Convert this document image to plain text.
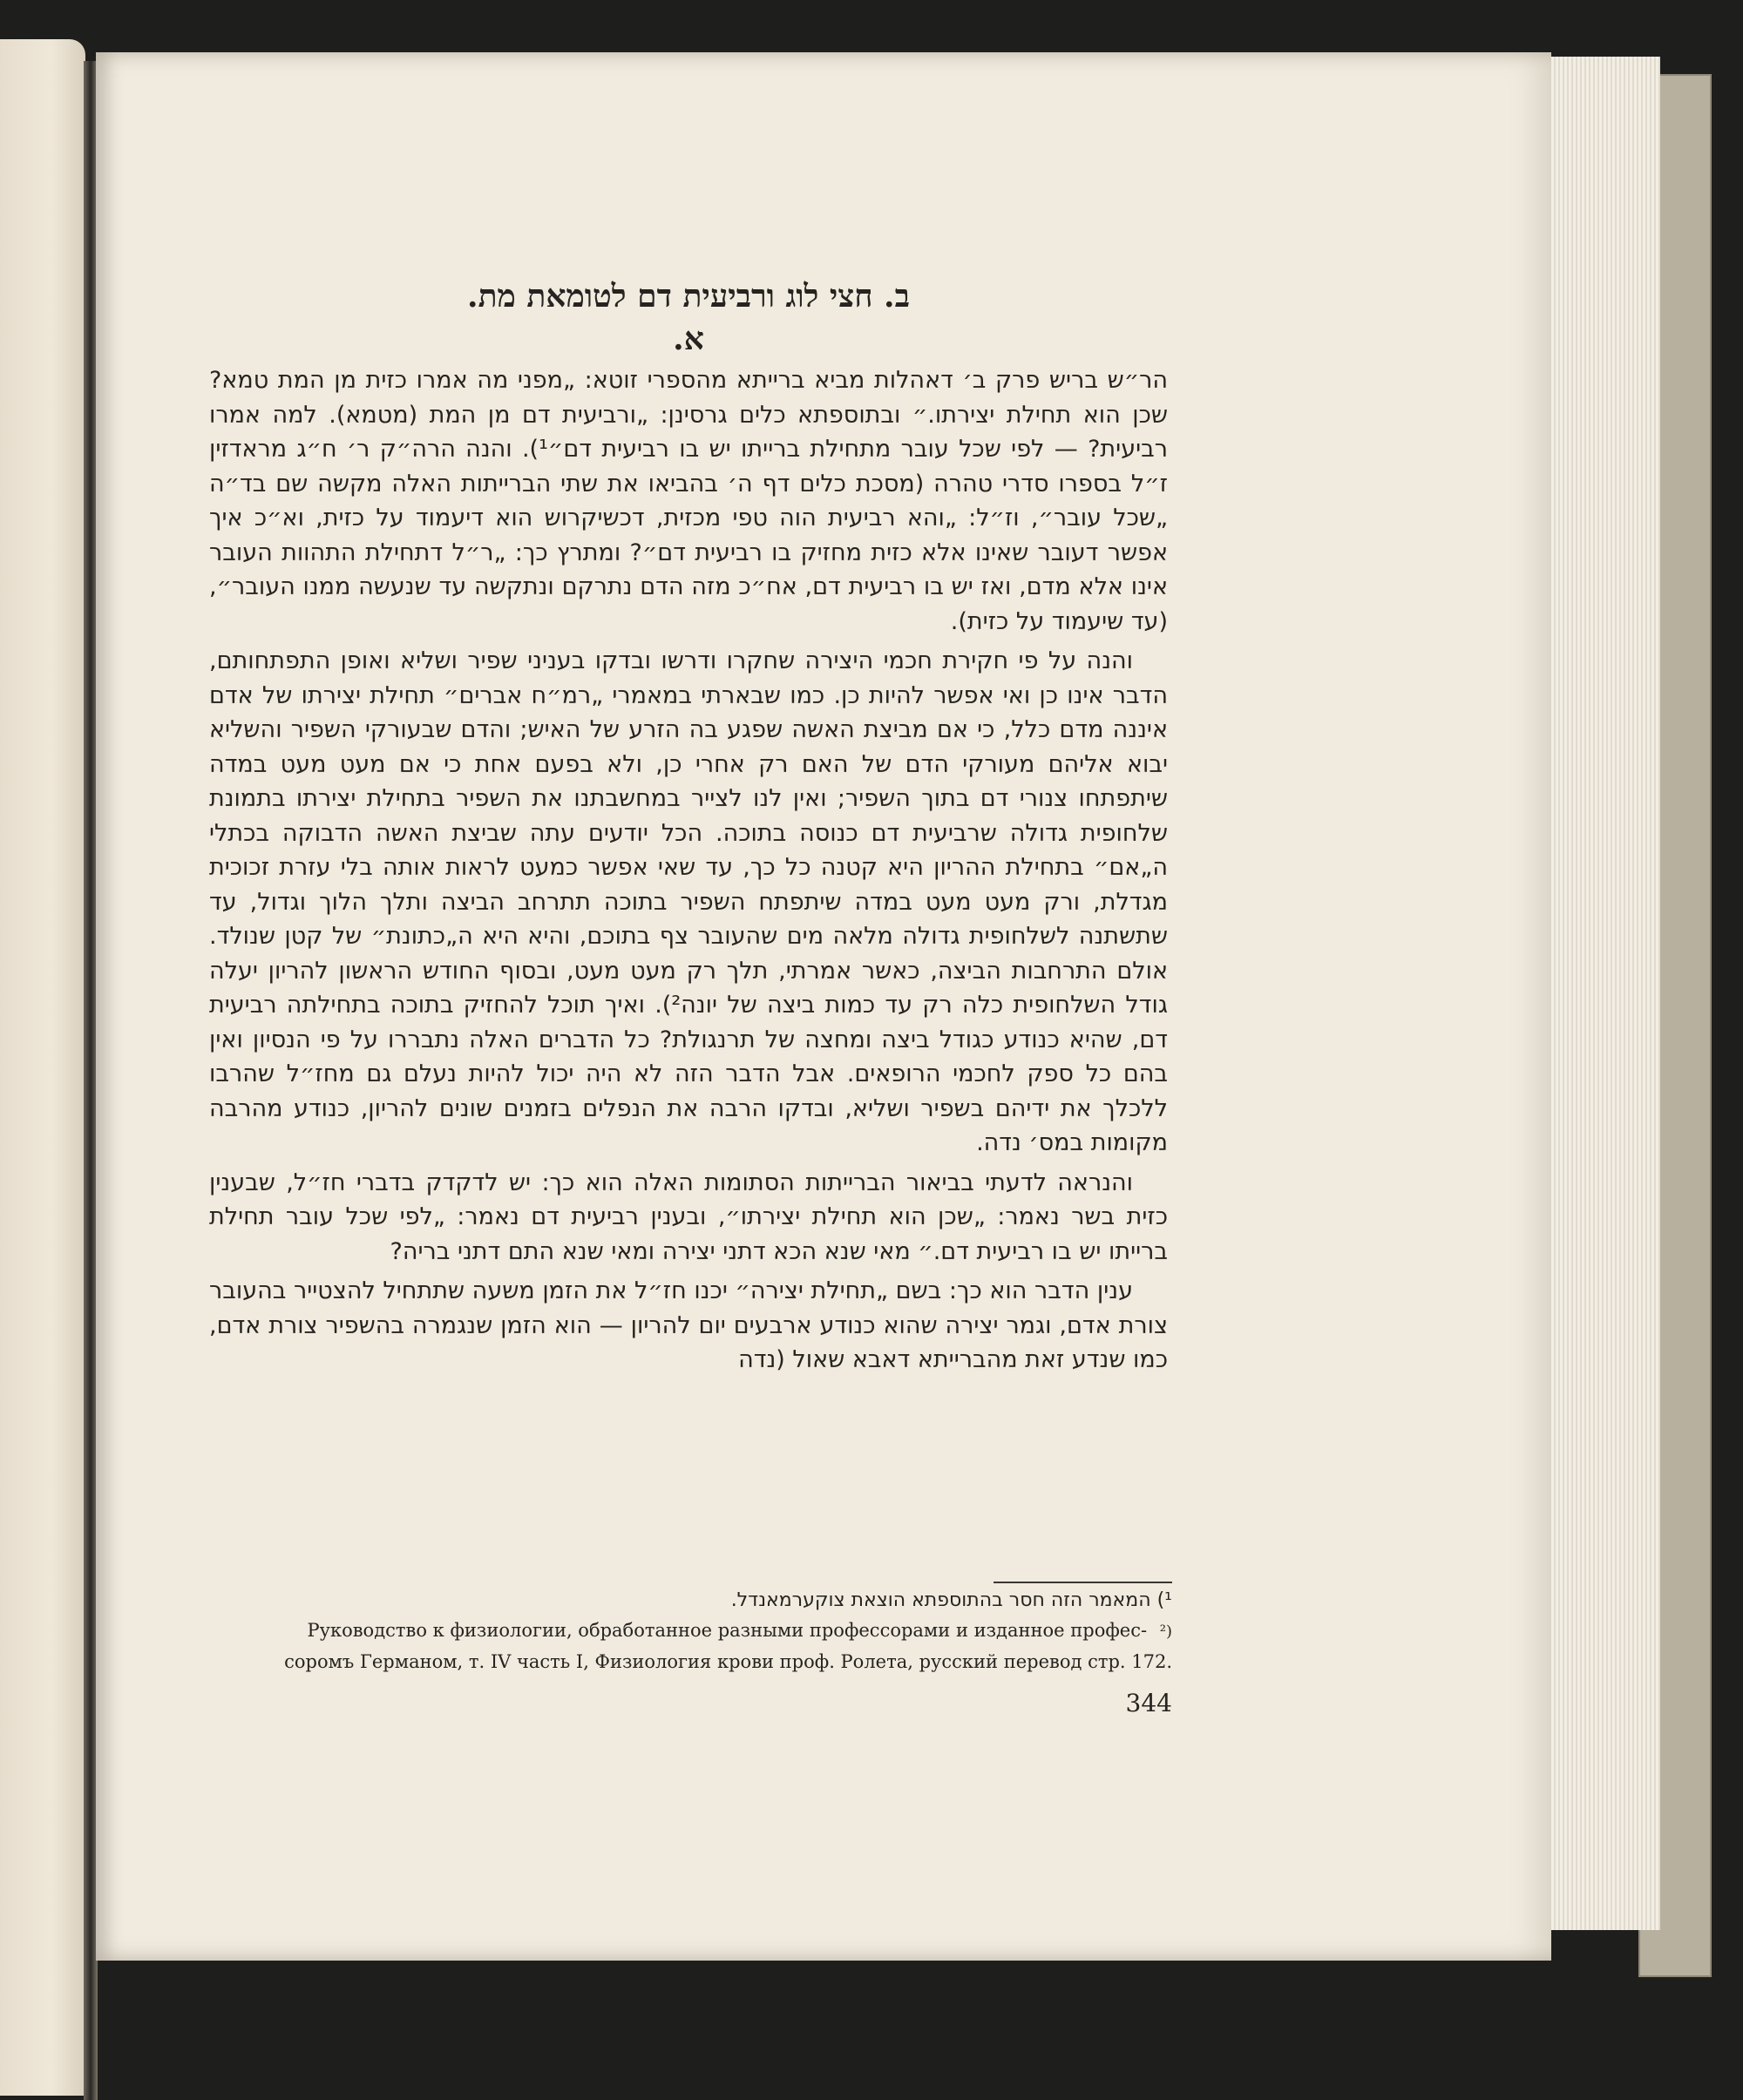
ב. חצי לוג ורביעית דם לטומאת מת.
א.

הר״ש בריש פרק ב׳ דאהלות מביא ברייתא מהספרי זוטא: „מפני מה אמרו כזית מן המת טמא? שכן הוא תחילת יצירתו.״ ובתוספתא כלים גרסינן: „ורביעית דם מן המת (מטמא). למה אמרו רביעית? — לפי שכל עובר מתחילת ברייתו יש בו רביעית דם״¹). והנה הרה״ק ר׳ ח״ג מראדזין ז״ל בספרו סדרי טהרה (מסכת כלים דף ה׳ בהביאו את שתי הברייתות האלה מקשה שם בד״ה „שכל עובר״, וז״ל: „והא רביעית הוה טפי מכזית, דכשיקרוש הוא דיעמוד על כזית, וא״כ איך אפשר דעובר שאינו אלא כזית מחזיק בו רביעית דם״? ומתרץ כך: „ר״ל דתחילת התהוות העובר אינו אלא מדם, ואז יש בו רביעית דם, אח״כ מזה הדם נתרקם ונתקשה עד שנעשה ממנו העובר״, (עד שיעמוד על כזית).

והנה על פי חקירת חכמי היצירה שחקרו ודרשו ובדקו בעניני שפיר ושליא ואופן התפתחותם, הדבר אינו כן ואי אפשר להיות כן. כמו שבארתי במאמרי „רמ״ח אברים״ תחילת יצירתו של אדם איננה מדם כלל, כי אם מביצת האשה שפגע בה הזרע של האיש; והדם שבעורקי השפיר והשליא יבוא אליהם מעורקי הדם של האם רק אחרי כן, ולא בפעם אחת כי אם מעט מעט במדה שיתפתחו צנורי דם בתוך השפיר; ואין לנו לצייר במחשבתנו את השפיר בתחילת יצירתו בתמונת שלחופית גדולה שרביעית דם כנוסה בתוכה. הכל יודעים עתה שביצת האשה הדבוקה בכתלי ה„אם״ בתחילת ההריון היא קטנה כל כך, עד שאי אפשר כמעט לראות אותה בלי עזרת זכוכית מגדלת, ורק מעט מעט במדה שיתפתח השפיר בתוכה תתרחב הביצה ותלך הלוך וגדול, עד שתשתנה לשלחופית גדולה מלאה מים שהעובר צף בתוכם, והיא היא ה„כתונת״ של קטן שנולד. אולם התרחבות הביצה, כאשר אמרתי, תלך רק מעט מעט, ובסוף החודש הראשון להריון יעלה גודל השלחופית כלה רק עד כמות ביצה של יונה²). ואיך תוכל להחזיק בתוכה בתחילתה רביעית דם, שהיא כנודע כגודל ביצה ומחצה של תרנגולת? כל הדברים האלה נתבררו על פי הנסיון ואין בהם כל ספק לחכמי הרופאים. אבל הדבר הזה לא היה יכול להיות נעלם גם מחז״ל שהרבו ללכלך את ידיהם בשפיר ושליא, ובדקו הרבה את הנפלים בזמנים שונים להריון, כנודע מהרבה מקומות במס׳ נדה.

והנראה לדעתי בביאור הברייתות הסתומות האלה הוא כך: יש לדקדק בדברי חז״ל, שבענין כזית בשר נאמר: „שכן הוא תחילת יצירתו״, ובענין רביעית דם נאמר: „לפי שכל עובר תחילת ברייתו יש בו רביעית דם.״ מאי שנא הכא דתני יצירה ומאי שנא התם דתני בריה?

ענין הדבר הוא כך: בשם „תחילת יצירה״ יכנו חז״ל את הזמן משעה שתתחיל להצטייר בהעובר צורת אדם, וגמר יצירה שהוא כנודע ארבעים יום להריון — הוא הזמן שנגמרה בהשפיר צורת אדם, כמו שנדע זאת מהברייתא דאבא שאול (נדה

¹) המאמר הזה חסר בהתוספתא הוצאת צוקערמאנדל.
Руководство к физиологии, обработанное разными профессорами и изданное профес- ²)
соромъ Германом, т. IV часть I, Физиология крови проф. Ролета, русский перевод стр. 172.
344
